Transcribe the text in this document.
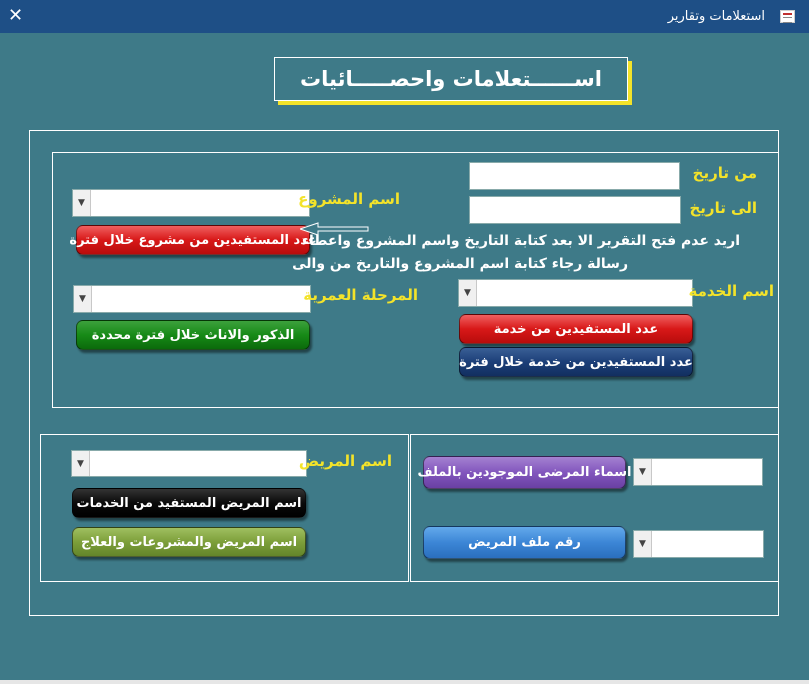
✕	استعلامات وتقارير
اســــــتعلامات واحصـــــائيات
من تاريخ
الى تاريخ
▼	اسم المشروع
عدد المستفيدين من مشروع خلال فترة
اريد عدم فتح التقرير الا بعد كتابة التاريخ واسم المشروع واعطاء
رسالة رجاء كتابة اسم المشروع والتاريخ من والى
▼	المرحلة العمرية
الذكور والاناث خلال فترة محددة
▼	اسم الخدمة
عدد المستفيدين من خدمة
عدد المستفيدين من خدمة خلال فترة
▼	اسم المريض
اسم المريض المستفيد من الخدمات
اسم المريض والمشروعات والعلاج
اسماء المرضى الموجودين بالملف ▼
رقم ملف المريض	▼
